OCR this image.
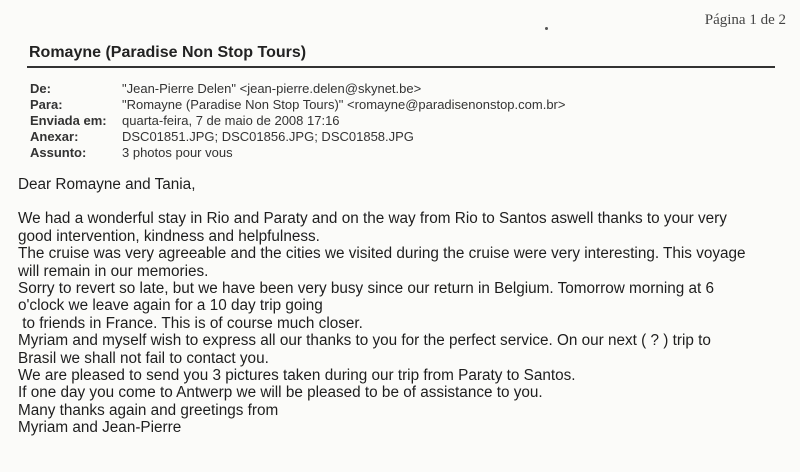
Página 1 de 2
Romayne (Paradise Non Stop Tours)
De:	"Jean-Pierre Delen" <jean-pierre.delen@skynet.be>
Para:	"Romayne (Paradise Non Stop Tours)" <romayne@paradisenonstop.com.br>
Enviada em:	quarta-feira, 7 de maio de 2008 17:16
Anexar:	DSC01851.JPG; DSC01856.JPG; DSC01858.JPG
Assunto:	3 photos pour vous

Dear Romayne and Tania,

We had a wonderful stay in Rio and Paraty and on the way from Rio to Santos aswell thanks to your very

good intervention, kindness and helpfulness.

The cruise was very agreeable and the cities we visited during the cruise were very interesting. This voyage

will remain in our memories.

Sorry to revert so late, but we have been very busy since our return in Belgium. Tomorrow morning at 6

o'clock we leave again for a 10 day trip going

to friends in France. This is of course much closer.

Myriam and myself wish to express all our thanks to you for the perfect service. On our next ( ? ) trip to

Brasil we shall not fail to contact you.

We are pleased to send you 3 pictures taken during our trip from Paraty to Santos.

If one day you come to Antwerp we will be pleased to be of assistance to you.

Many thanks again and greetings from

Myriam and Jean-Pierre
